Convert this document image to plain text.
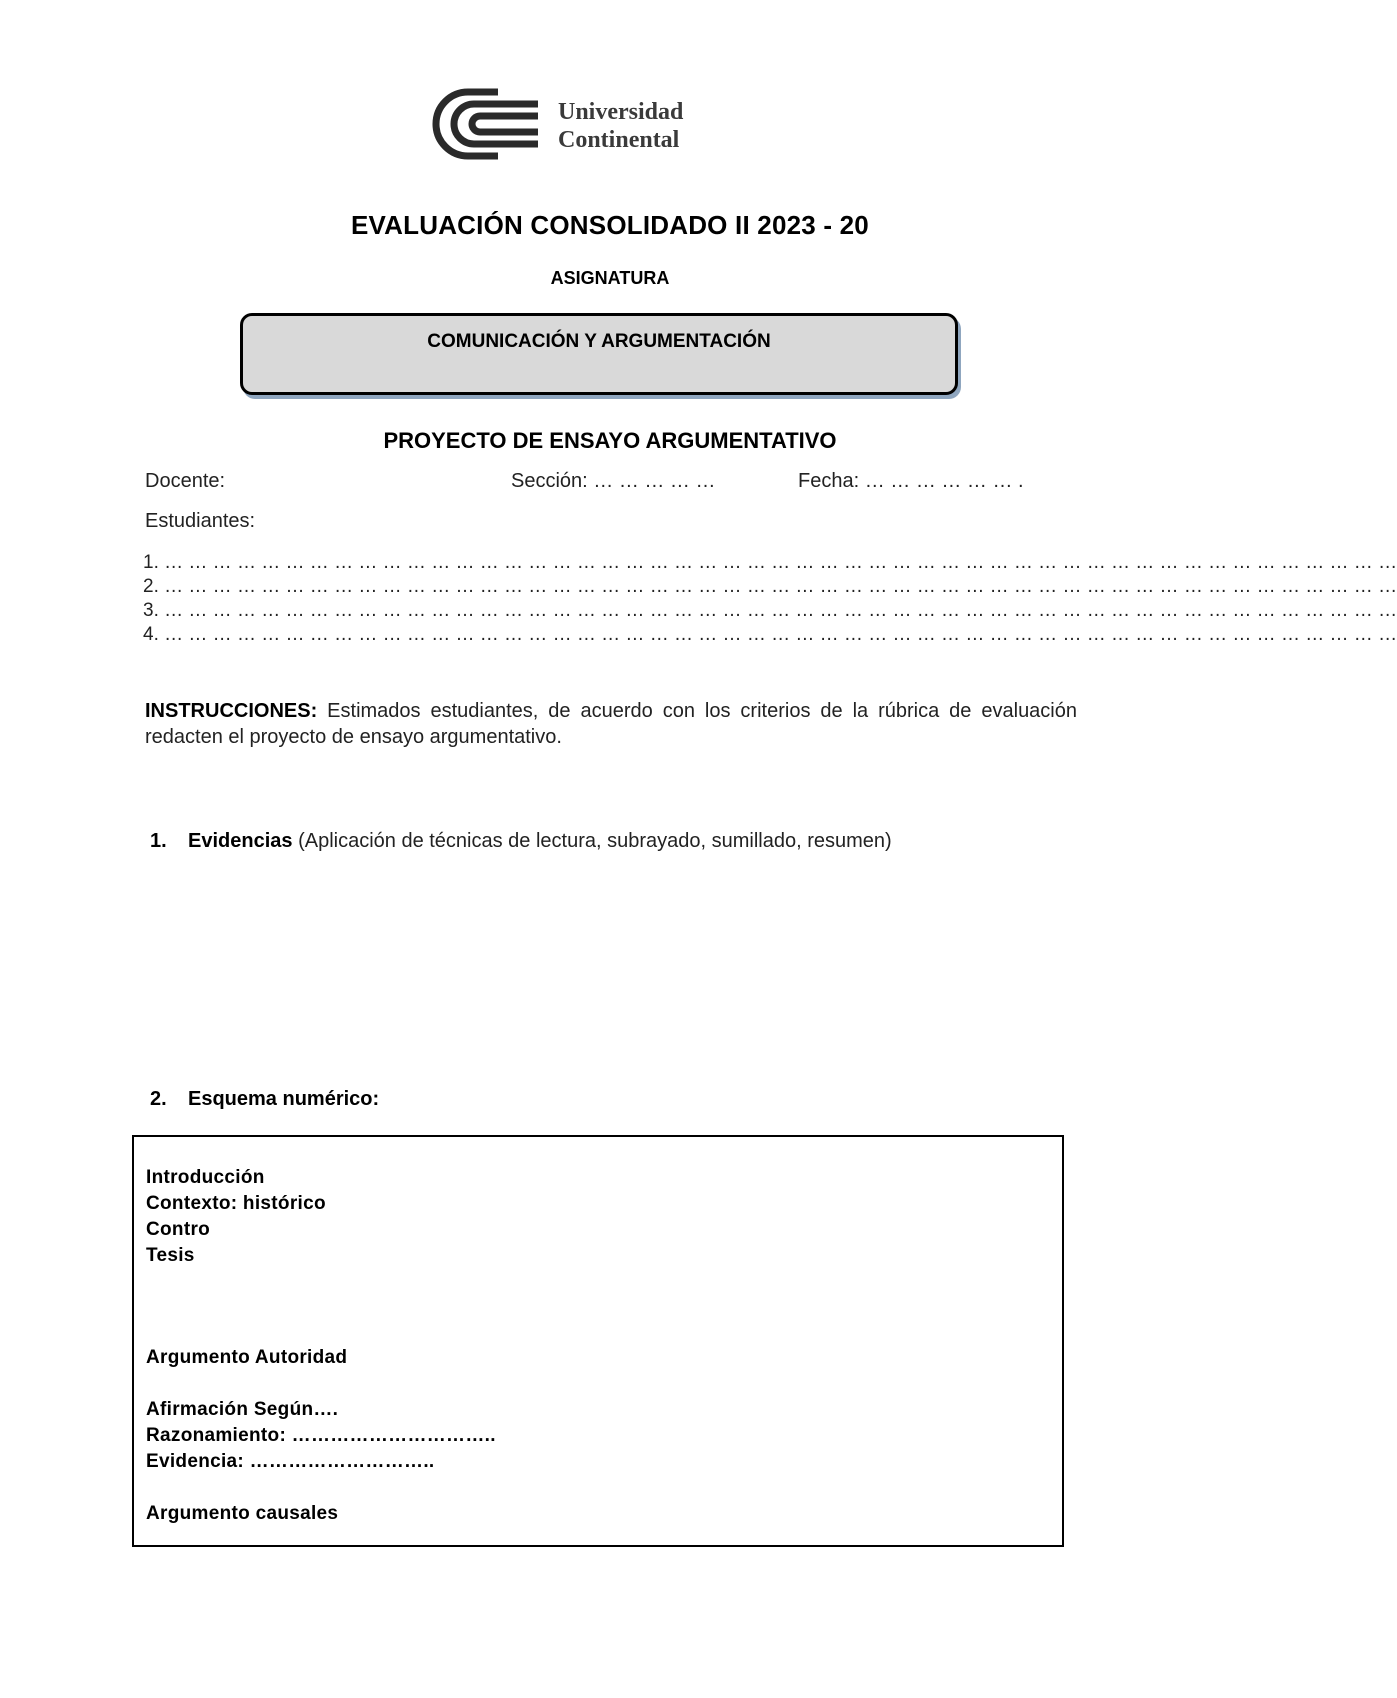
Universidad
Continental
EVALUACIÓN CONSOLIDADO II 2023 - 20
ASIGNATURA
COMUNICACIÓN Y ARGUMENTACIÓN
PROYECTO DE ENSAYO ARGUMENTATIVO
Docente:	Sección: … … … … …	Fecha: … … … … … … .
Estudiantes:
1. … … … … … … … … … … … … … … … … … … … … … … … … … … … … … … … … … … … … … … … … … … … … … … … … … … …
2. … … … … … … … … … … … … … … … … … … … … … … … … … … … … … … … … … … … … … … … … … … … … … … … … … … …
3. … … … … … … … … … … … … … … … … … … … … … … … … … … … … … … … … … … … … … … … … … … … … … … … … … … …
4. … … … … … … … … … … … … … … … … … … … … … … … … … … … … … … … … … … … … … … … … … … … … … … … … … … …
INSTRUCCIONES: Estimados estudiantes, de acuerdo con los criterios de la rúbrica de evaluación redacten el proyecto de ensayo argumentativo.
1. Evidencias (Aplicación de técnicas de lectura, subrayado, sumillado, resumen)
2. Esquema numérico:
Introducción
Contexto: histórico
Contro
Tesis
Argumento Autoridad
Afirmación Según….
Razonamiento: …………………………..
Evidencia: ………………………..
Argumento causales
